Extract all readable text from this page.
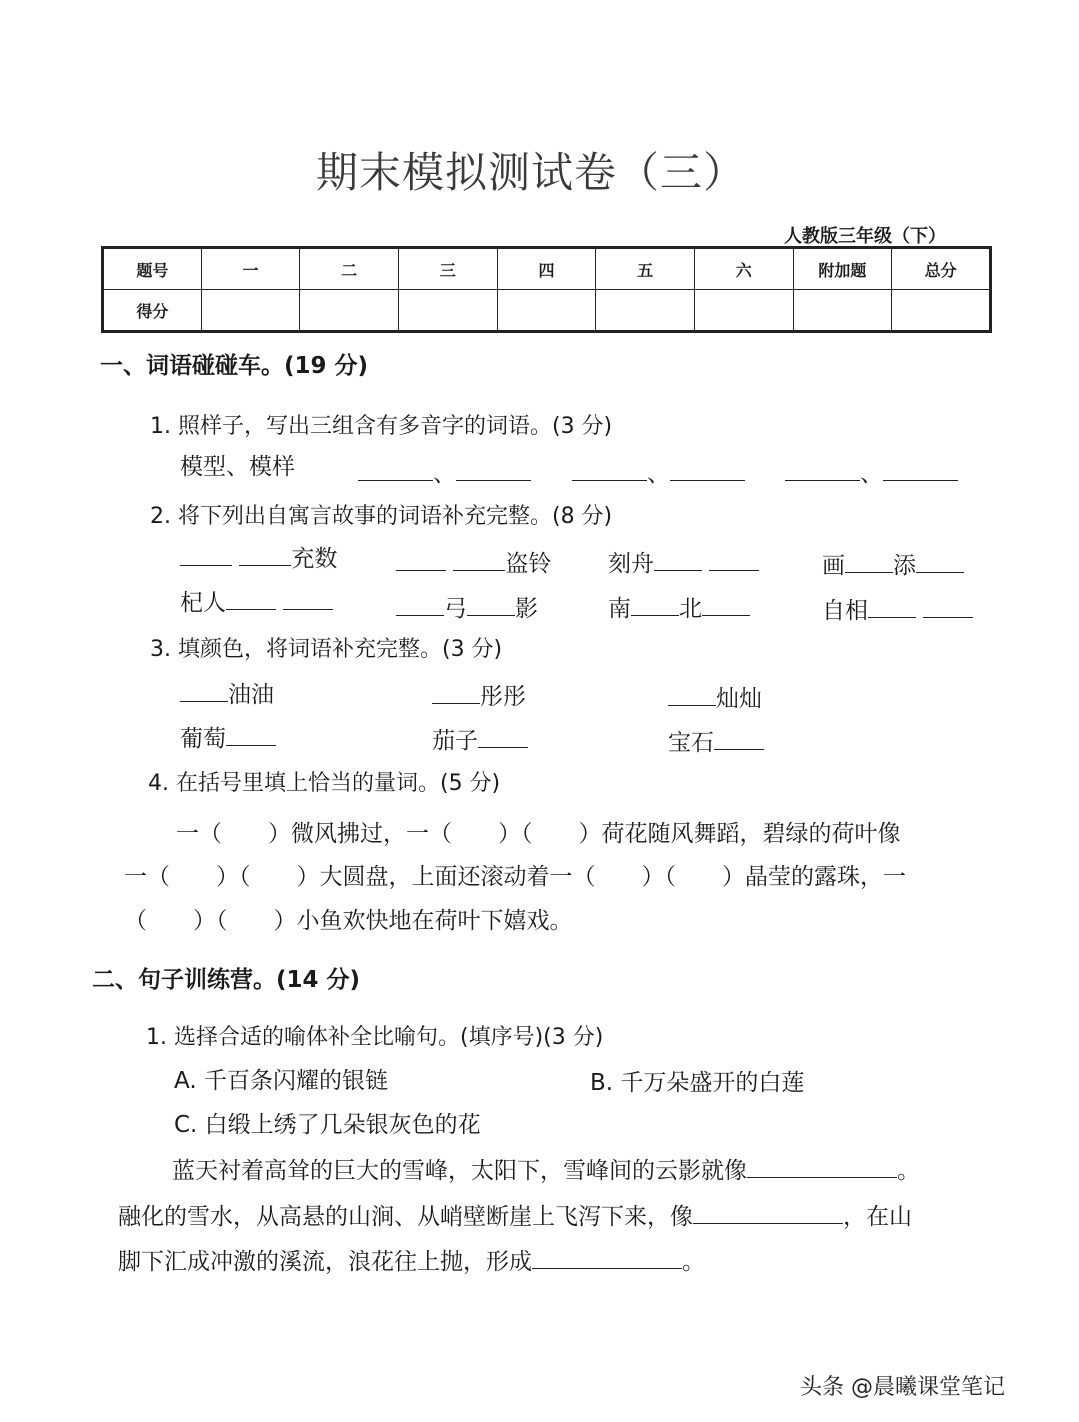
期末模拟测试卷（三）
人教版三年级（下）
题号	一	二	三	四	五	六	附加题	总分
得分								
一、词语碰碰车。(19 分)
1. 照样子，写出三组含有多音字的词语。(3 分)
模型、模样	、	、	、
2. 将下列出自寓言故事的词语补充完整。(8 分)
充数	盗铃 刻舟	画 添
杞人	弓 影	南 北	自相
3. 填颜色，将词语补充完整。(3 分)
油油	彤彤	灿灿
葡萄	茄子	宝石
4. 在括号里填上恰当的量词。(5 分)
一（　　）微风拂过，一（　　）（　　）荷花随风舞蹈，碧绿的荷叶像
一（　　）（　　）大圆盘，上面还滚动着一（　　）（　　）晶莹的露珠，一
（　　）（　　）小鱼欢快地在荷叶下嬉戏。
二、句子训练营。(14 分)
1. 选择合适的喻体补全比喻句。(填序号)(3 分)
A. 千百条闪耀的银链	B. 千万朵盛开的白莲
C. 白缎上绣了几朵银灰色的花
蓝天衬着高耸的巨大的雪峰，太阳下，雪峰间的云影就像	。
融化的雪水，从高悬的山涧、从峭壁断崖上飞泻下来，像	，在山
脚下汇成冲激的溪流，浪花往上抛，形成	。
头条 @晨曦课堂笔记
